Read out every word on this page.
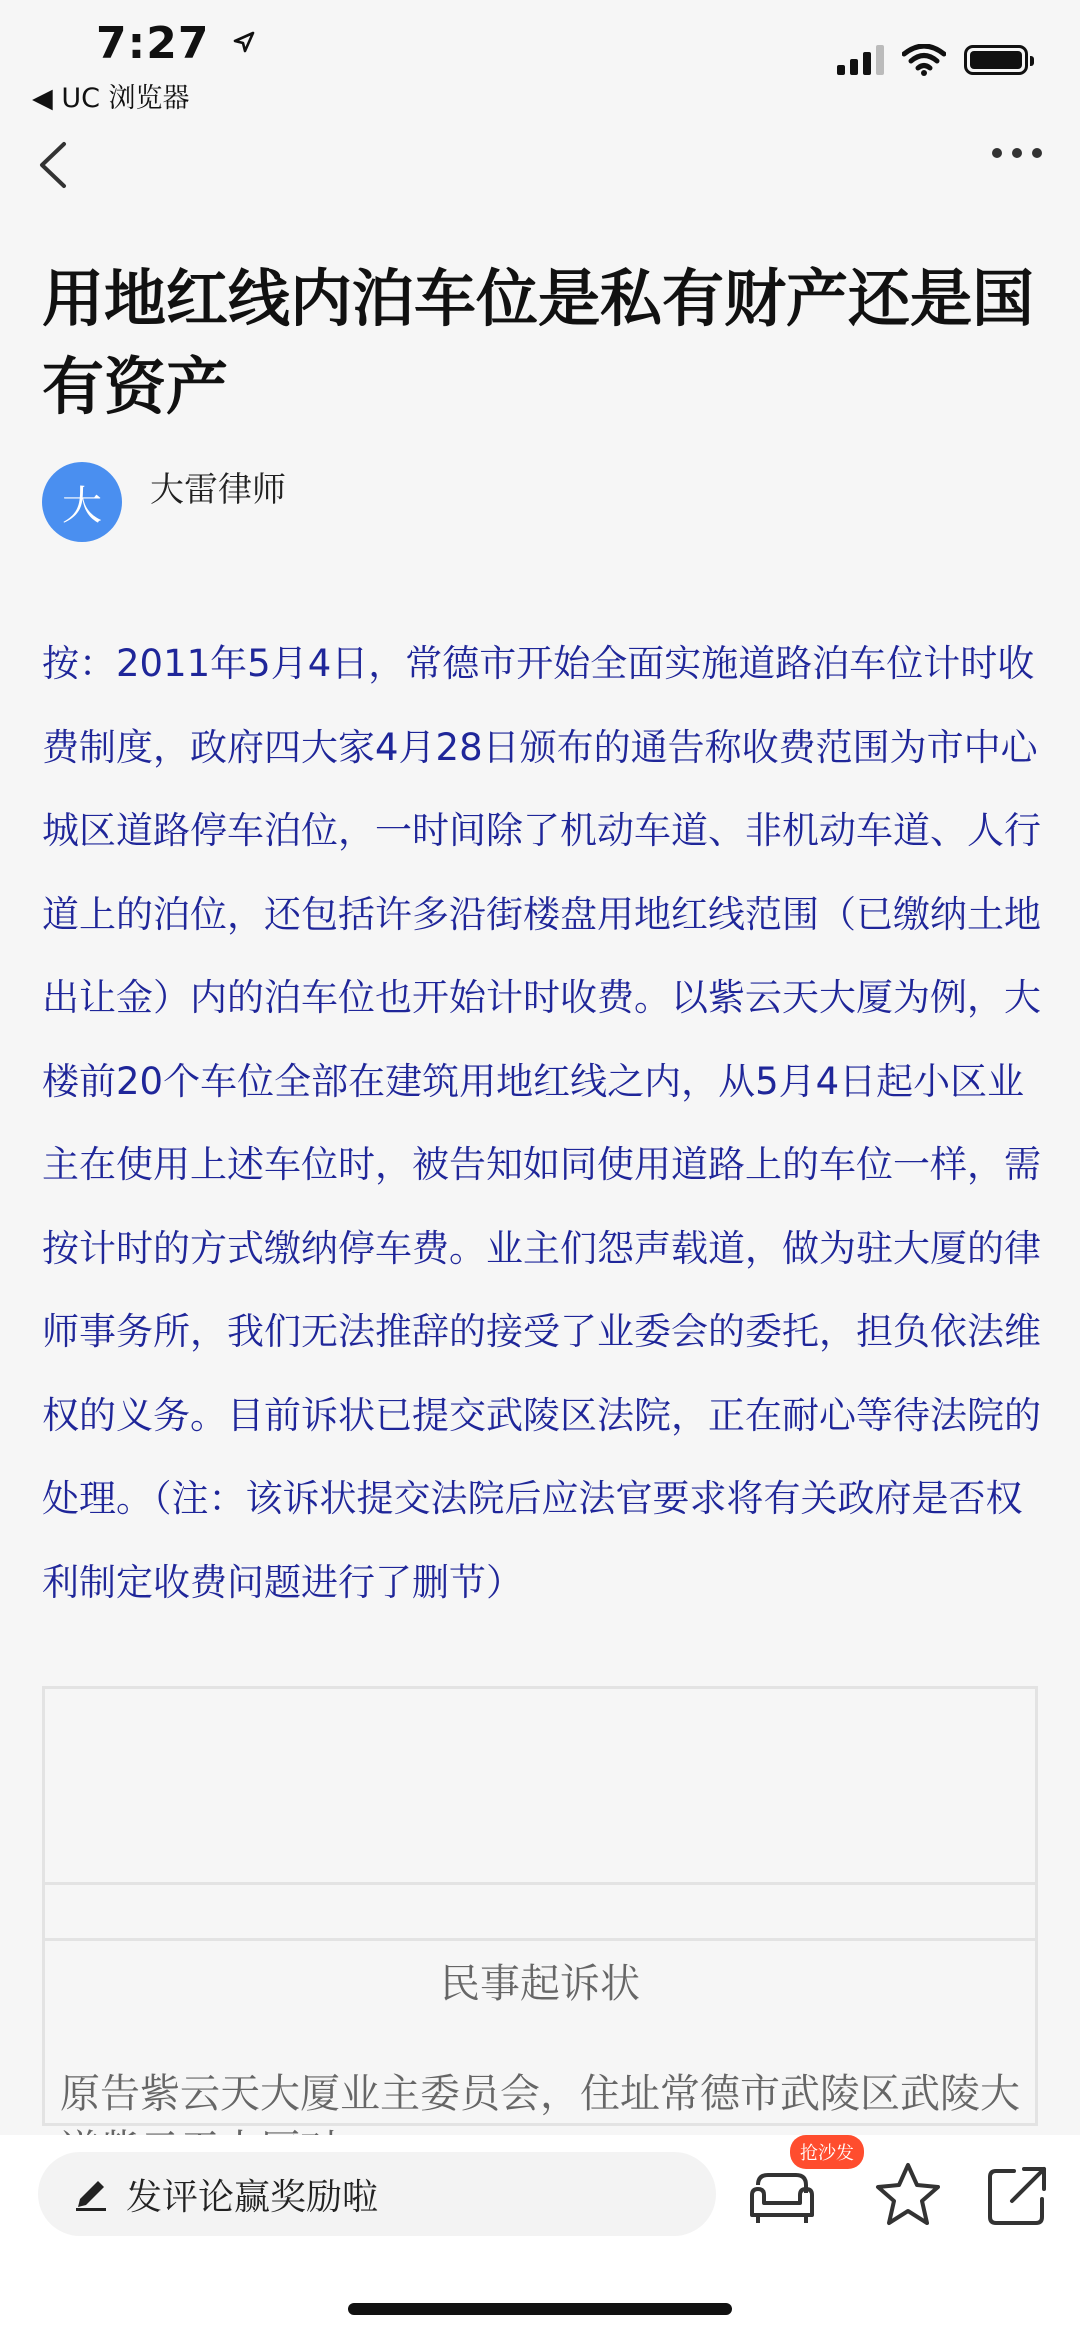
7:27
◀ UC 浏览器
用地红线内泊车位是私有财产还是国有资产
大 大雷律师

按：2011年5月4日，常德市开始全面实施道路泊车位计时收费制度，政府四大家4月28日颁布的通告称收费范围为市中心城区道路停车泊位，一时间除了机动车道、非机动车道、人行道上的泊位，还包括许多沿街楼盘用地红线范围（已缴纳土地出让金）内的泊车位也开始计时收费。以紫云天大厦为例，大楼前20个车位全部在建筑用地红线之内，从5月4日起小区业主在使用上述车位时，被告知如同使用道路上的车位一样，需按计时的方式缴纳停车费。业主们怨声载道，做为驻大厦的律师事务所，我们无法推辞的接受了业委会的委托，担负依法维权的义务。目前诉状已提交武陵区法院，正在耐心等待法院的处理。（注：该诉状提交法院后应法官要求将有关政府是否权利制定收费问题进行了删节）

民事起诉状
原告紫云天大厦业主委员会，住址常德市武陵区武陵大
发评论赢奖励啦
抢沙发
